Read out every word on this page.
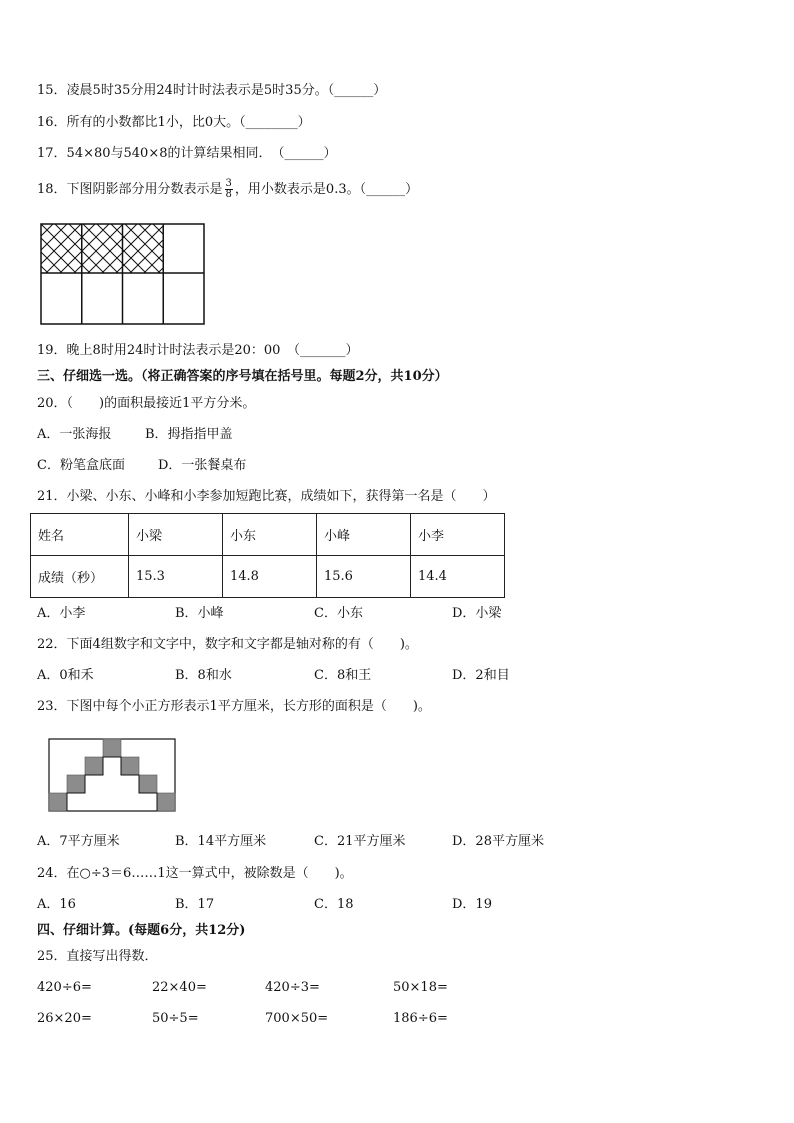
15．凌晨5时35分用24时计时法表示是5时35分。（______）
16．所有的小数都比1小，比0大。（________）
17．54×80与540×8的计算结果相同．　（______）
18．下图阴影部分用分数表示是 $\frac{3}{8}$ ，用小数表示是0.3。（______）
19．晚上8时用24时计时法表示是20：00　（_______）
三、仔细选一选。（将正确答案的序号填在括号里。每题2分，共10分）
20．（　　)的面积最接近1平方分米。
A．一张海报	B．拇指指甲盖
C．粉笔盒底面	D．一张餐桌布
21．小梁、小东、小峰和小李参加短跑比赛，成绩如下，获得第一名是（　　）
姓名	小梁	小东	小峰	小李
成绩（秒）	15.3	14.8	15.6	14.4
A．小李	B．小峰	C．小东	D．小梁
22．下面4组数字和文字中，数字和文字都是轴对称的有（　　)。
A．0和禾	B．8和水	C．8和王	D．2和目
23．下图中每个小正方形表示1平方厘米，长方形的面积是（　　)。
A．7平方厘米	B．14平方厘米	C．21平方厘米	D．28平方厘米
24．在○÷3＝6……1这一算式中，被除数是（　　)。
A．16	B．17	C．18	D．19
四、仔细计算。(每题6分，共12分)
25．直接写出得数．
420÷6=	22×40=	420÷3=	50×18=
26×20=	50÷5=	700×50=	186÷6=
